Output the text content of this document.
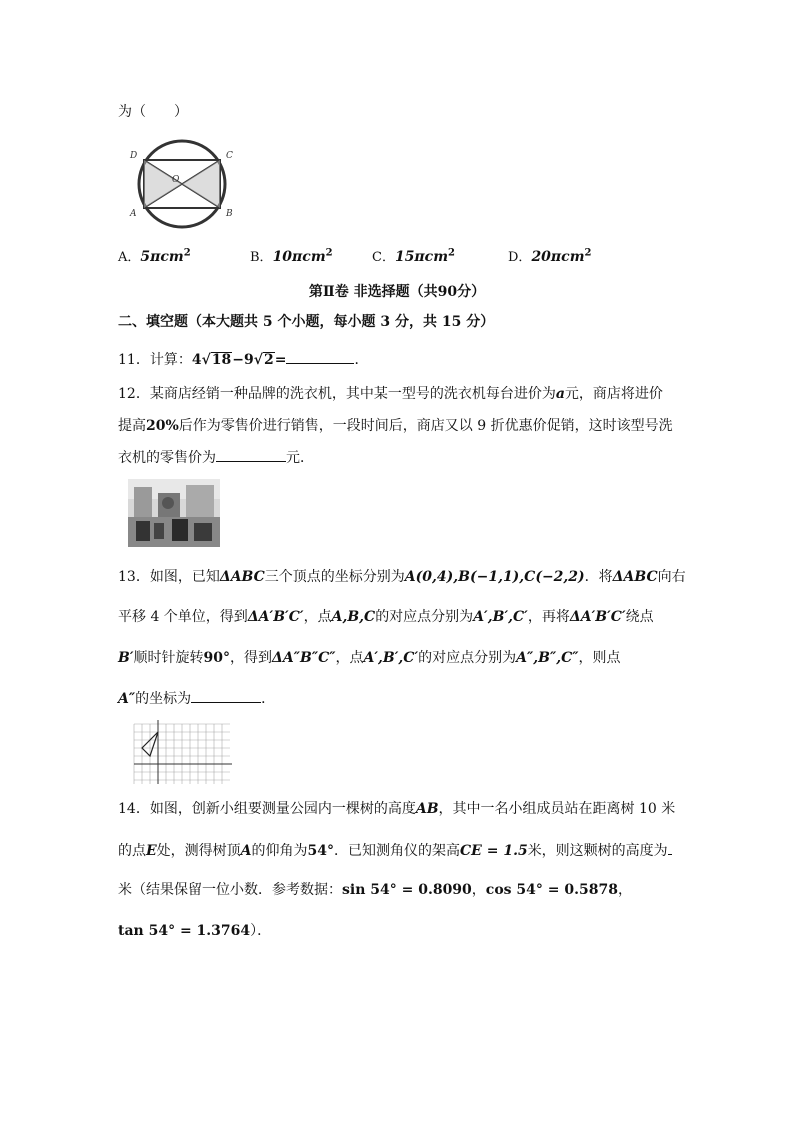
为（　　）
D	C
O
A	B
A．5πcm$^2$	B．10πcm$^2$	C．15πcm$^2$	D．20πcm$^2$
第Ⅱ卷 非选择题（共90分）
二、填空题（本大题共 5 个小题，每小题 3 分，共 15 分）
11．计算：4√18−9√2=	．
12．某商店经销一种品牌的洗衣机，其中某一型号的洗衣机每台进价为a元，商店将进价
提高20%后作为零售价进行销售，一段时间后，商店又以 9 折优惠价促销，这时该型号洗
衣机的零售价为	元．
13．如图，已知ΔABC三个顶点的坐标分别为A(0,4),B(−1,1),C(−2,2)．将ΔABC向右
平移 4 个单位，得到ΔA′B′C′，点A,B,C的对应点分别为A′,B′,C′，再将ΔA′B′C′绕点
B′顺时针旋转90°，得到ΔA″B″C″，点A′,B′,C′的对应点分别为A″,B″,C″，则点
A″的坐标为	．
14．如图，创新小组要测量公园内一棵树的高度AB，其中一名小组成员站在距离树 10 米
的点E处，测得树顶A的仰角为54°．已知测角仪的架高CE = 1.5米，则这颗树的高度为
米（结果保留一位小数．参考数据：sin 54° = 0.8090，cos 54° = 0.5878，
tan 54° = 1.3764）．
